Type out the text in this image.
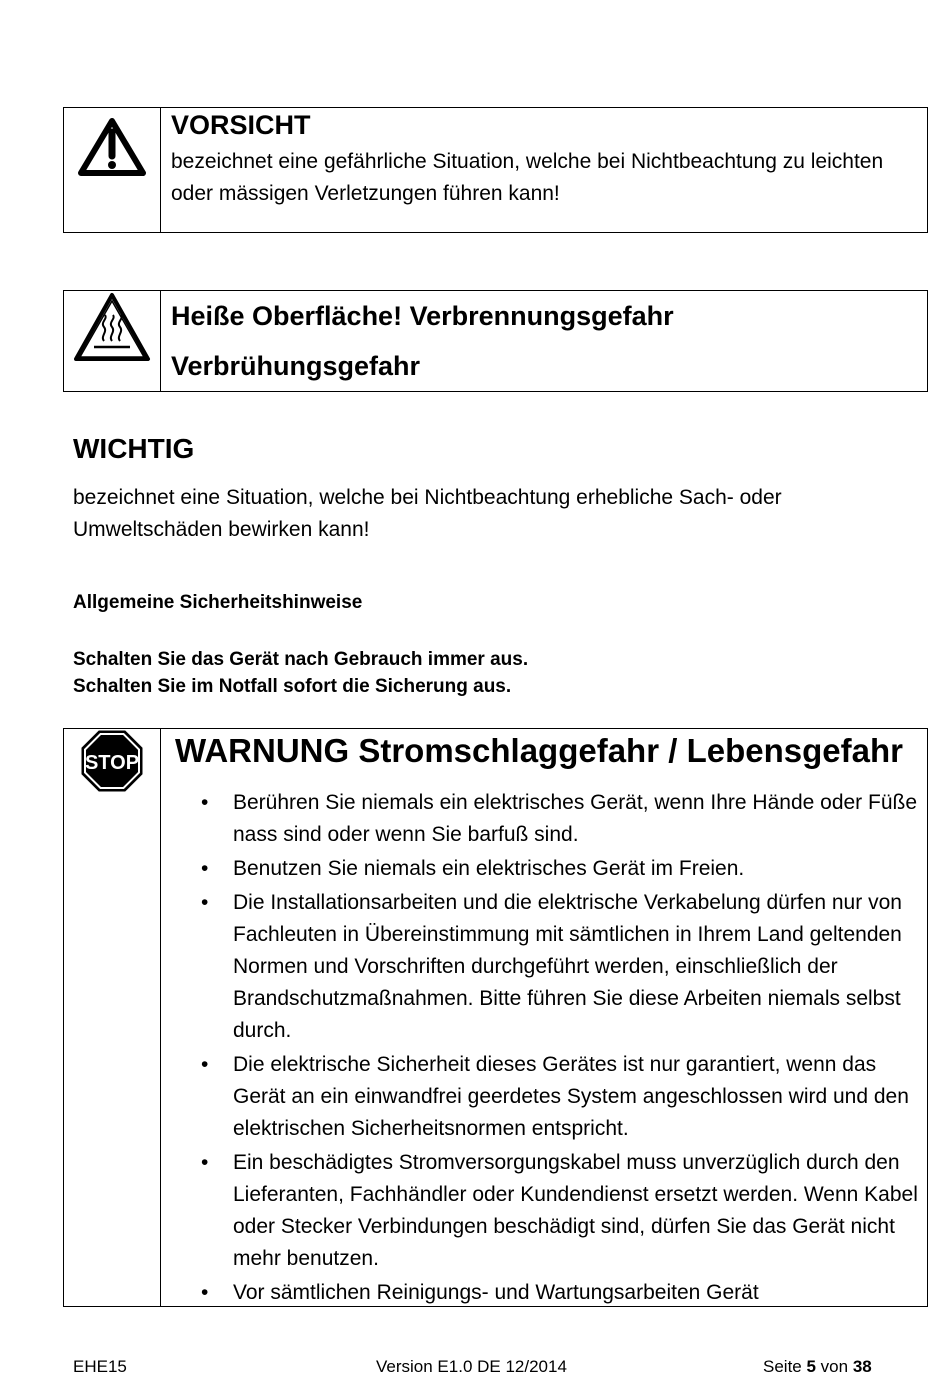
VORSICHT

bezeichnet eine gefährliche Situation, welche bei Nichtbeachtung zu leichten oder mässigen Verletzungen führen kann!

Heiße Oberfläche! Verbrennungsgefahr
Verbrühungsgefahr
WICHTIG

bezeichnet eine Situation, welche bei Nichtbeachtung erhebliche Sach- oder Umweltschäden bewirken kann!

Allgemeine Sicherheitshinweise
Schalten Sie das Gerät nach Gebrauch immer aus.
Schalten Sie im Notfall sofort die Sicherung aus.
STOP WARNUNG Stromschlaggefahr / Lebensgefahr
• Berühren Sie niemals ein elektrisches Gerät, wenn Ihre Hände oder Füße nass sind oder wenn Sie barfuß sind.
• Benutzen Sie niemals ein elektrisches Gerät im Freien.
• Die Installationsarbeiten und die elektrische Verkabelung dürfen nur von Fachleuten in Übereinstimmung mit sämtlichen in Ihrem Land geltenden Normen und Vorschriften durchgeführt werden, einschließlich der Brandschutzmaßnahmen. Bitte führen Sie diese Arbeiten niemals selbst durch.
• Die elektrische Sicherheit dieses Gerätes ist nur garantiert, wenn das Gerät an ein einwandfrei geerdetes System angeschlossen wird und den elektrischen Sicherheitsnormen entspricht.
• Ein beschädigtes Stromversorgungskabel muss unverzüglich durch den Lieferanten, Fachhändler oder Kundendienst ersetzt werden. Wenn Kabel oder Stecker Verbindungen beschädigt sind, dürfen Sie das Gerät nicht mehr benutzen.
• Vor sämtlichen Reinigungs- und Wartungsarbeiten Gerät
EHE15	Version E1.0 DE 12/2014	Seite 5 von 38
